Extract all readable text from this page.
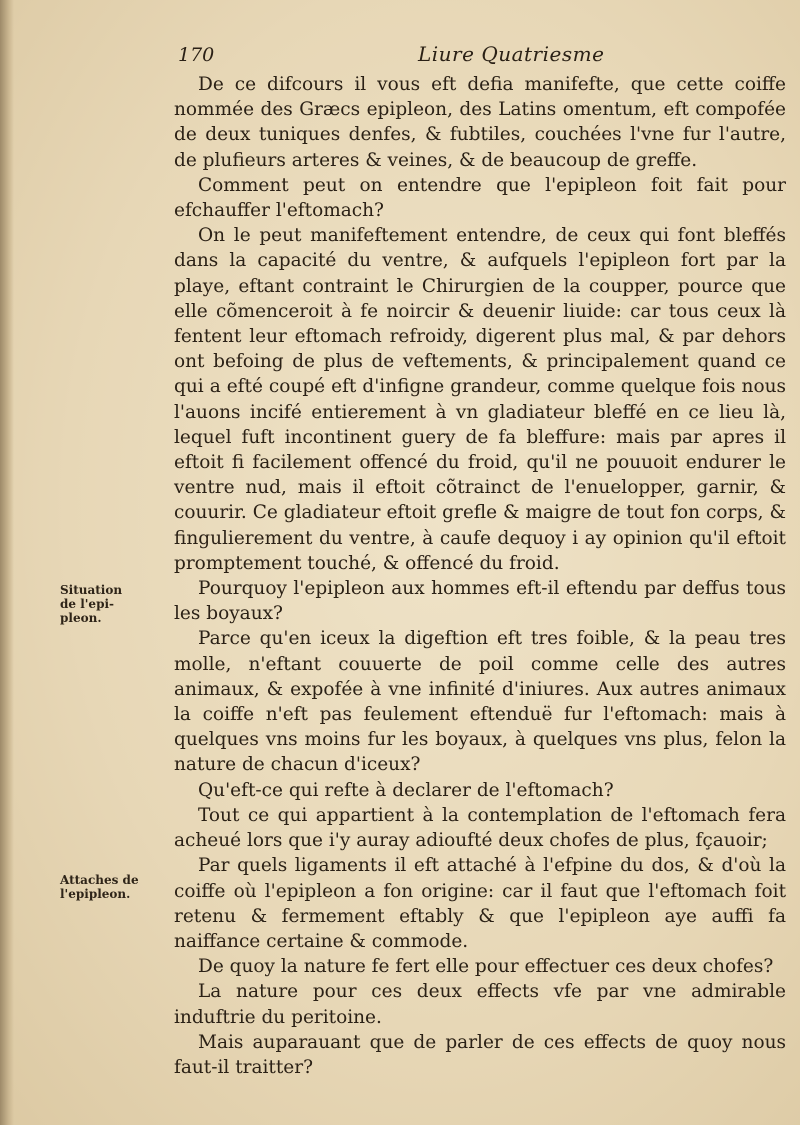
170	Liure Quatriesme

De ce difcours il vous eft defia manifefte, que cette coiffe nommée des Græcs epipleon, des Latins omentum, eft compofée de deux tuniques denfes, & fubtiles, couchées l'vne fur l'autre, de plufieurs arteres & veines, & de beaucoup de greffe.

Comment peut on entendre que l'epipleon foit fait pour efchauffer l'eftomach?

On le peut manifeftement entendre, de ceux qui font bleffés dans la capacité du ventre, & aufquels l'epipleon fort par la playe, eftant contraint le Chirurgien de la coupper, pource que elle cõmenceroit à fe noircir & deuenir liuide: car tous ceux là fentent leur eftomach refroidy, digerent plus mal, & par dehors ont befoing de plus de veftements, & principalement quand ce qui a efté coupé eft d'infigne grandeur, comme quelque fois nous l'auons incifé entierement à vn gladiateur bleffé en ce lieu là, lequel fuft incontinent guery de fa bleffure: mais par apres il eftoit fi facilement offencé du froid, qu'il ne pouuoit endurer le ventre nud, mais il eftoit cõtrainct de l'enuelopper, garnir, & couurir. Ce gladiateur eftoit grefle & maigre de tout fon corps, & fingulierement du ventre, à caufe dequoy i ay opinion qu'il eftoit promptement touché, & offencé du froid.

Pourquoy l'epipleon aux hommes eft-il eftendu par deffus tous les boyaux?

Parce qu'en iceux la digeftion eft tres foible, & la peau tres molle, n'eftant couuerte de poil comme celle des autres animaux, & expofée à vne infinité d'iniures. Aux autres animaux la coiffe n'eft pas feulement eftenduë fur l'eftomach: mais à quelques vns moins fur les boyaux, à quelques vns plus, felon la nature de chacun d'iceux?

Qu'eft-ce qui refte à declarer de l'eftomach?

Tout ce qui appartient à la contemplation de l'eftomach fera acheué lors que i'y auray adioufté deux chofes de plus, fçauoir;

Par quels ligaments il eft attaché à l'efpine du dos, & d'où la coiffe où l'epipleon a fon origine: car il faut que l'eftomach foit retenu & fermement eftably & que l'epipleon aye auffi fa naiffance certaine & commode.

De quoy la nature fe fert elle pour effectuer ces deux chofes?

La nature pour ces deux effects vfe par vne admirable induftrie du peritoine.

Mais auparauant que de parler de ces effects de quoy nous faut-il traitter?

Situation
de l'epi-
pleon.
Attaches de
l'epipleon.
